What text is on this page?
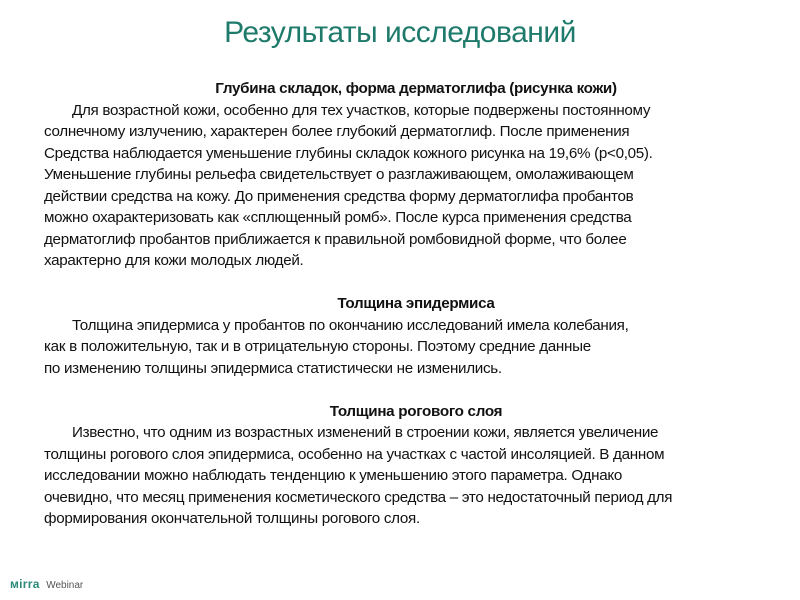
Результаты исследований
Глубина складок, форма дерматоглифа (рисунка кожи)
Для возрастной кожи, особенно для тех участков, которые подвержены постоянному
солнечному излучению, характерен более глубокий дерматоглиф. После применения
Средства наблюдается уменьшение глубины складок кожного рисунка на 19,6% (р<0,05).
Уменьшение глубины рельефа свидетельствует о разглаживающем, омолаживающем
действии средства на кожу. До применения средства форму дерматоглифа пробантов
можно охарактеризовать как «сплющенный ромб». После курса применения средства
дерматоглиф пробантов приближается к правильной ромбовидной форме, что более
характерно для кожи молодых людей.
Толщина эпидермиса
Толщина эпидермиса у пробантов по окончанию исследований имела колебания,
как в положительную, так и в отрицательную стороны. Поэтому средние данные
по изменению толщины эпидермиса статистически не изменились.
Толщина рогового слоя
Известно, что одним из возрастных изменений в строении кожи, является увеличение
толщины рогового слоя эпидермиса, особенно на участках с частой инсоляцией. В данном
исследовании можно наблюдать тенденцию к уменьшению этого параметра. Однако
очевидно, что месяц применения косметического средства – это недостаточный период для
формирования окончательной толщины рогового слоя.
мirra Webinar
